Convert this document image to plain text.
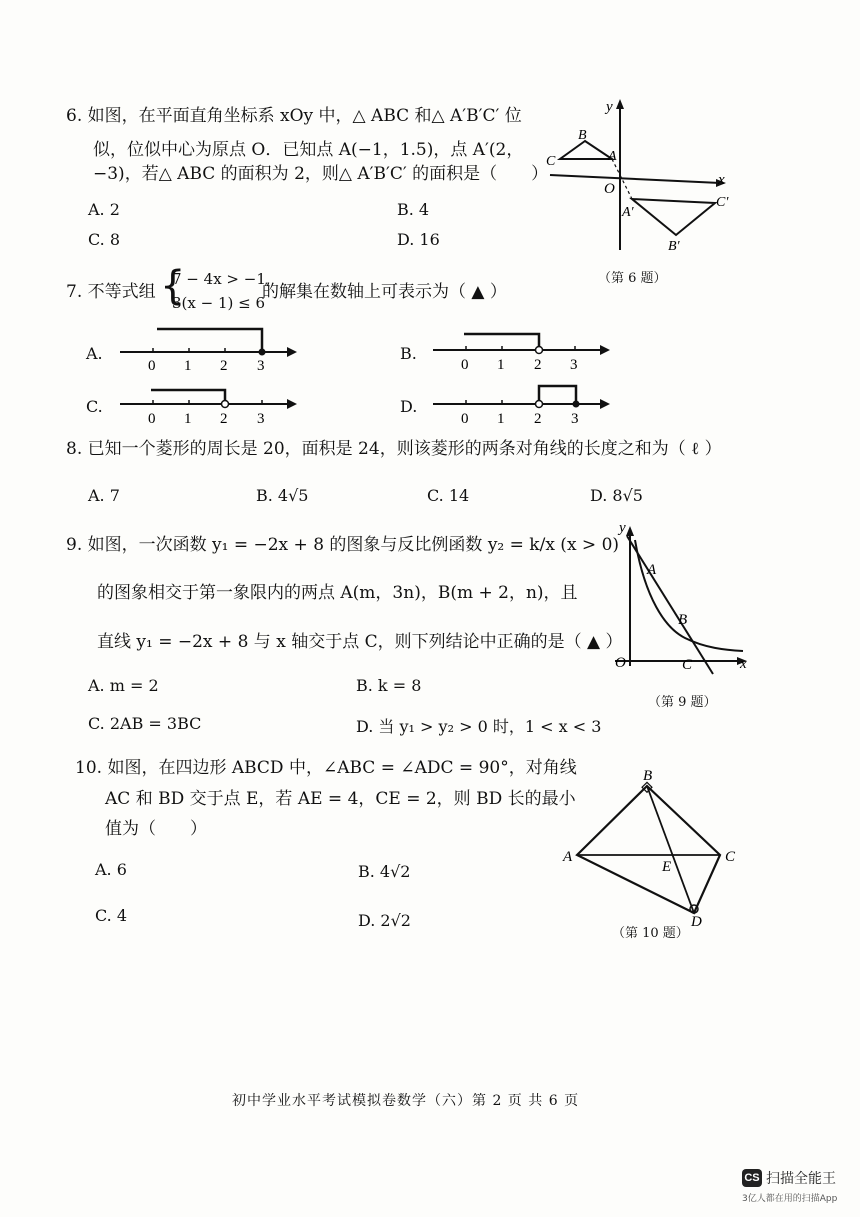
6. 如图，在平面直角坐标系 xOy 中，△ ABC 和△ A′B′C′ 位
似，位似中心为原点 O．已知点 A(−1，1.5)，点 A′(2，
−3)，若△ ABC 的面积为 2，则△ A′B′C′ 的面积是（　　）
A. 2	B. 4
C. 8	D. 16
y
x
O
A
B
C
A′
B′
C′
（第 6 题）
7. 不等式组 {
7 − 4x > −1,
3(x − 1) ≤ 6
的解集在数轴上可表示为（ ▲ ）
A.
0 1 2 3
B.
0 1 2 3
C.
0 1 2 3
D.
0 1 2 3
8. 已知一个菱形的周长是 20，面积是 24，则该菱形的两条对角线的长度之和为（ ℓ ）
A. 7	B. 4√5	C. 14	D. 8√5
9. 如图，一次函数 y₁ = −2x + 8 的图象与反比例函数 y₂ = k/x (x > 0)
的图象相交于第一象限内的两点 A(m，3n)，B(m + 2，n)，且
直线 y₁ = −2x + 8 与 x 轴交于点 C，则下列结论中正确的是（ ▲ ）
A. m = 2	B. k = 8
C. 2AB = 3BC	D. 当 y₁ > y₂ > 0 时，1 < x < 3
y
x
O
A
B
C
（第 9 题）
10. 如图，在四边形 ABCD 中，∠ABC = ∠ADC = 90°，对角线
AC 和 BD 交于点 E，若 AE = 4，CE = 2，则 BD 长的最小
值为（　　）
A. 6	B. 4√2
C. 4	D. 2√2
B
A	C
E
D
（第 10 题）
初中学业水平考试模拟卷数学（六）第 2 页 共 6 页
CS 扫描全能王
3亿人都在用的扫描App
